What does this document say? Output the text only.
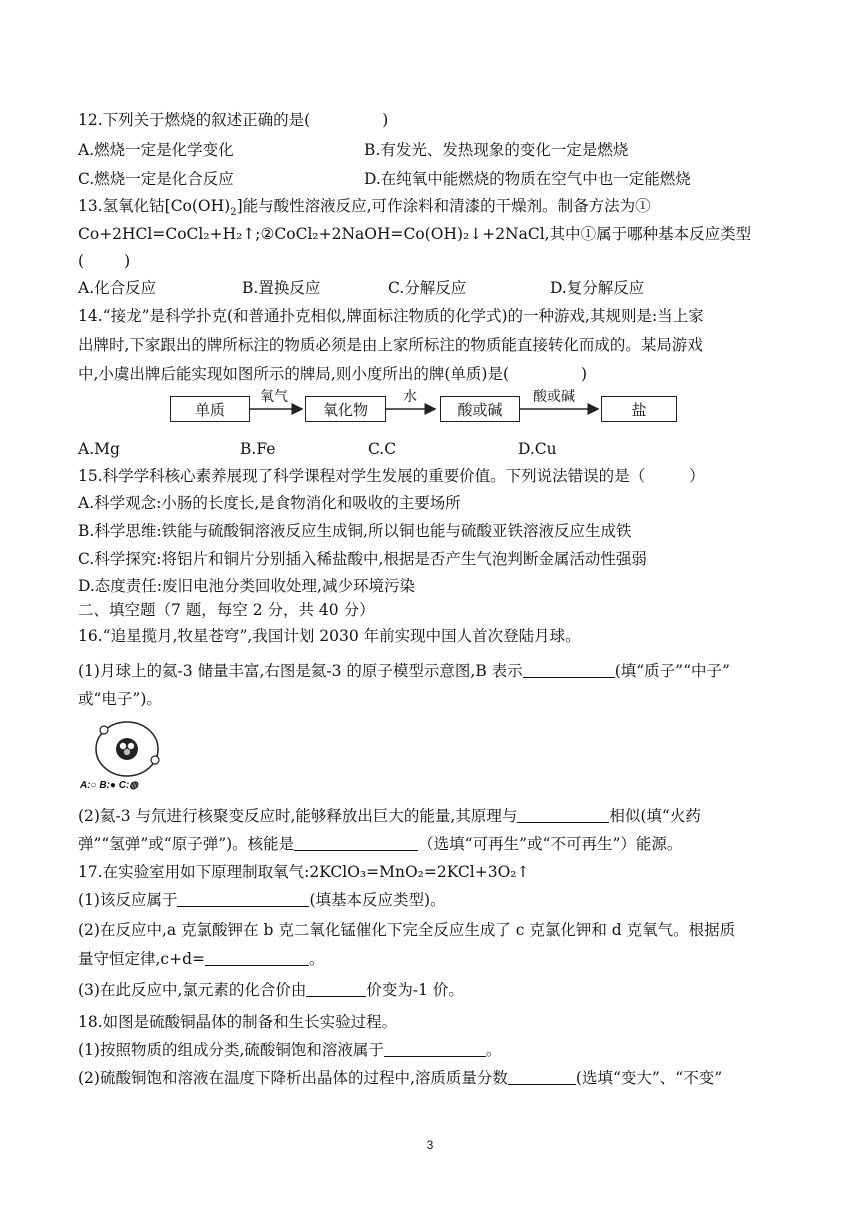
12.下列关于燃烧的叙述正确的是(	)
A.燃烧一定是化学变化	B.有发光、发热现象的变化一定是燃烧
C.燃烧一定是化合反应	D.在纯氧中能燃烧的物质在空气中也一定能燃烧
13.氢氧化钴$[Co(OH)_2]$能与酸性溶液反应,可作涂料和清漆的干燥剂。制备方法为①
Co+2HCl=CoCl₂+H₂↑;②CoCl₂+2NaOH=Co(OH)₂↓+2NaCl,其中①属于哪种基本反应类型
(	)
A.化合反应	B.置换反应	C.分解反应	D.复分解反应
14.“接龙”是科学扑克(和普通扑克相似,牌面标注物质的化学式)的一种游戏,其规则是:当上家
出牌时,下家跟出的牌所标注的物质必须是由上家所标注的物质能直接转化而成的。某局游戏
中,小虞出牌后能实现如图所示的牌局,则小度所出的牌(单质)是(	)
单质	氧化物	酸或碱	盐
氧气	水	酸或碱
A.Mg	B.Fe	C.C	D.Cu
15.科学学科核心素养展现了科学课程对学生发展的重要价值。下列说法错误的是（	）
A.科学观念:小肠的长度长,是食物消化和吸收的主要场所
B.科学思维:铁能与硫酸铜溶液反应生成铜,所以铜也能与硫酸亚铁溶液反应生成铁
C.科学探究:将铝片和铜片分别插入稀盐酸中,根据是否产生气泡判断金属活动性强弱
D.态度责任:废旧电池分类回收处理,减少环境污染
二、填空题（7 题，每空 2 分，共 40 分）
16.“追星揽月,牧星苍穹”,我国计划 2030 年前实现中国人首次登陆月球。
(1)月球上的氦-3 储量丰富,右图是氦-3 的原子模型示意图,B 表示	(填“质子”“中子”
或“电子”)。
A:○ B:● C:◍
(2)氦-3 与氘进行核聚变反应时,能够释放出巨大的能量,其原理与	相似(填“火药
弹”“氢弹”或“原子弹”)。核能是	（选填“可再生”或“不可再生”）能源。
17.在实验室用如下原理制取氧气:2KClO₃=MnO₂=2KCl+3O₂↑
(1)该反应属于	(填基本反应类型)。
(2)在反应中,a 克氯酸钾在 b 克二氧化锰催化下完全反应生成了 c 克氯化钾和 d 克氧气。根据质
量守恒定律,c+d=	。
(3)在此反应中,氯元素的化合价由	价变为-1 价。
18.如图是硫酸铜晶体的制备和生长实验过程。
(1)按照物质的组成分类,硫酸铜饱和溶液属于	。
(2)硫酸铜饱和溶液在温度下降析出晶体的过程中,溶质质量分数	(选填“变大”、“不变”
3
